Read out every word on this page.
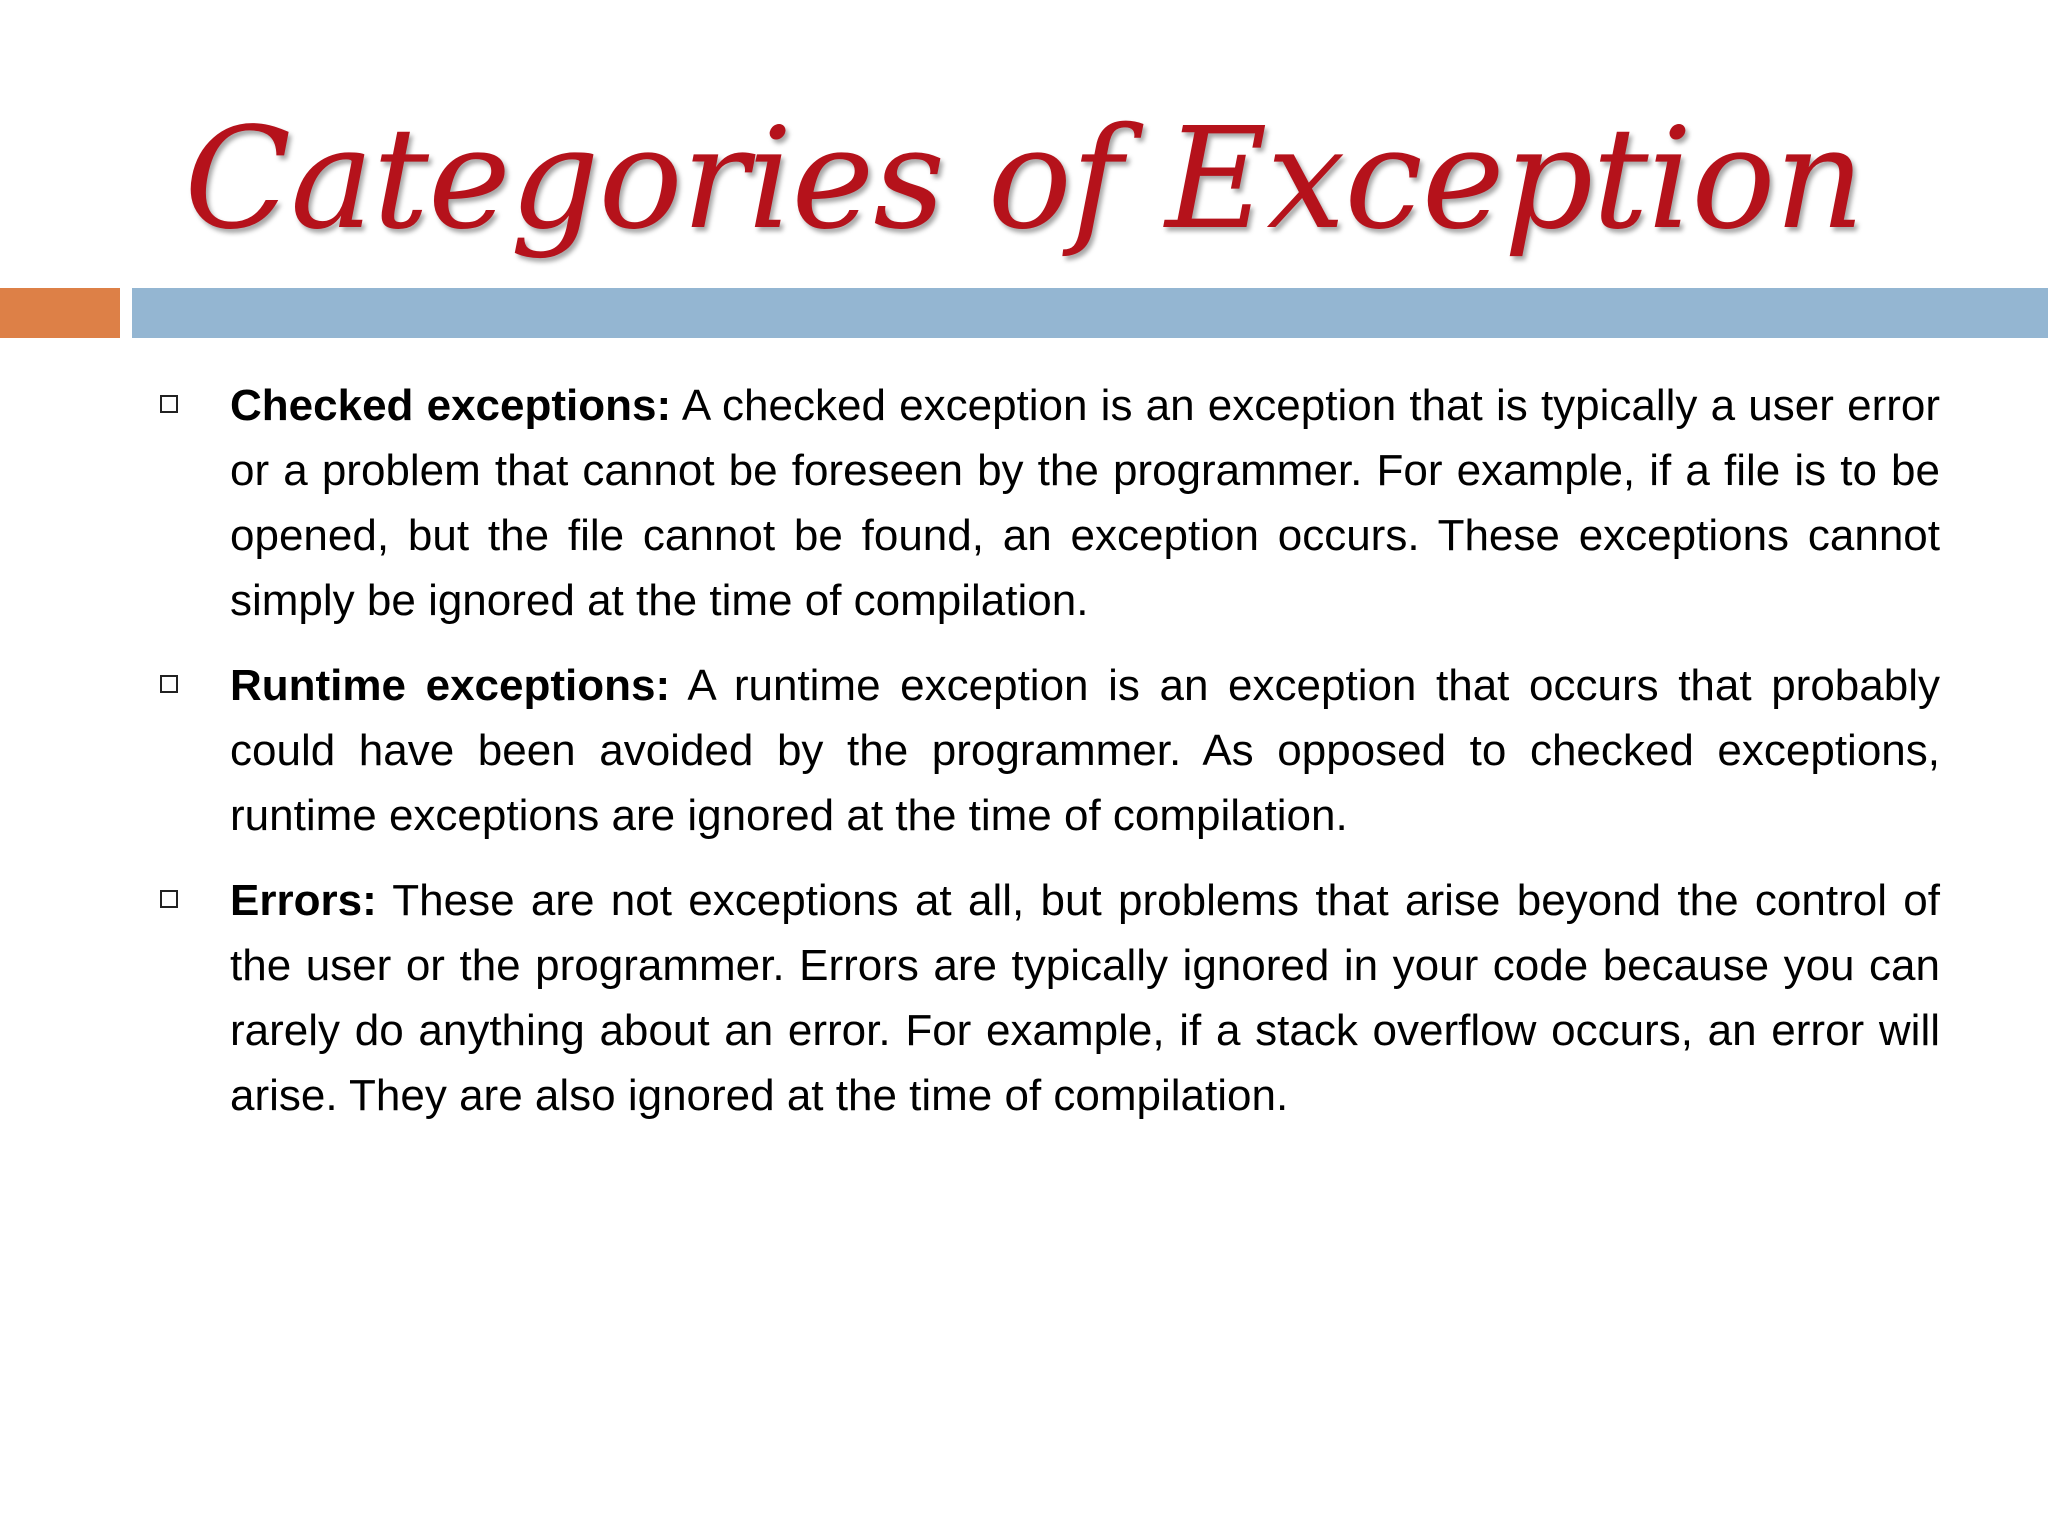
Categories of Exception
Checked exceptions: A checked exception is an exception that is typically a user error or a problem that cannot be foreseen by the programmer. For example, if a file is to be opened, but the file cannot be found, an exception occurs. These exceptions cannot simply be ignored at the time of compilation.
Runtime exceptions: A runtime exception is an exception that occurs that probably could have been avoided by the programmer. As opposed to checked exceptions, runtime exceptions are ignored at the time of compilation.
Errors: These are not exceptions at all, but problems that arise beyond the control of the user or the programmer. Errors are typically ignored in your code because you can rarely do anything about an error. For example, if a stack overflow occurs, an error will arise. They are also ignored at the time of compilation.
